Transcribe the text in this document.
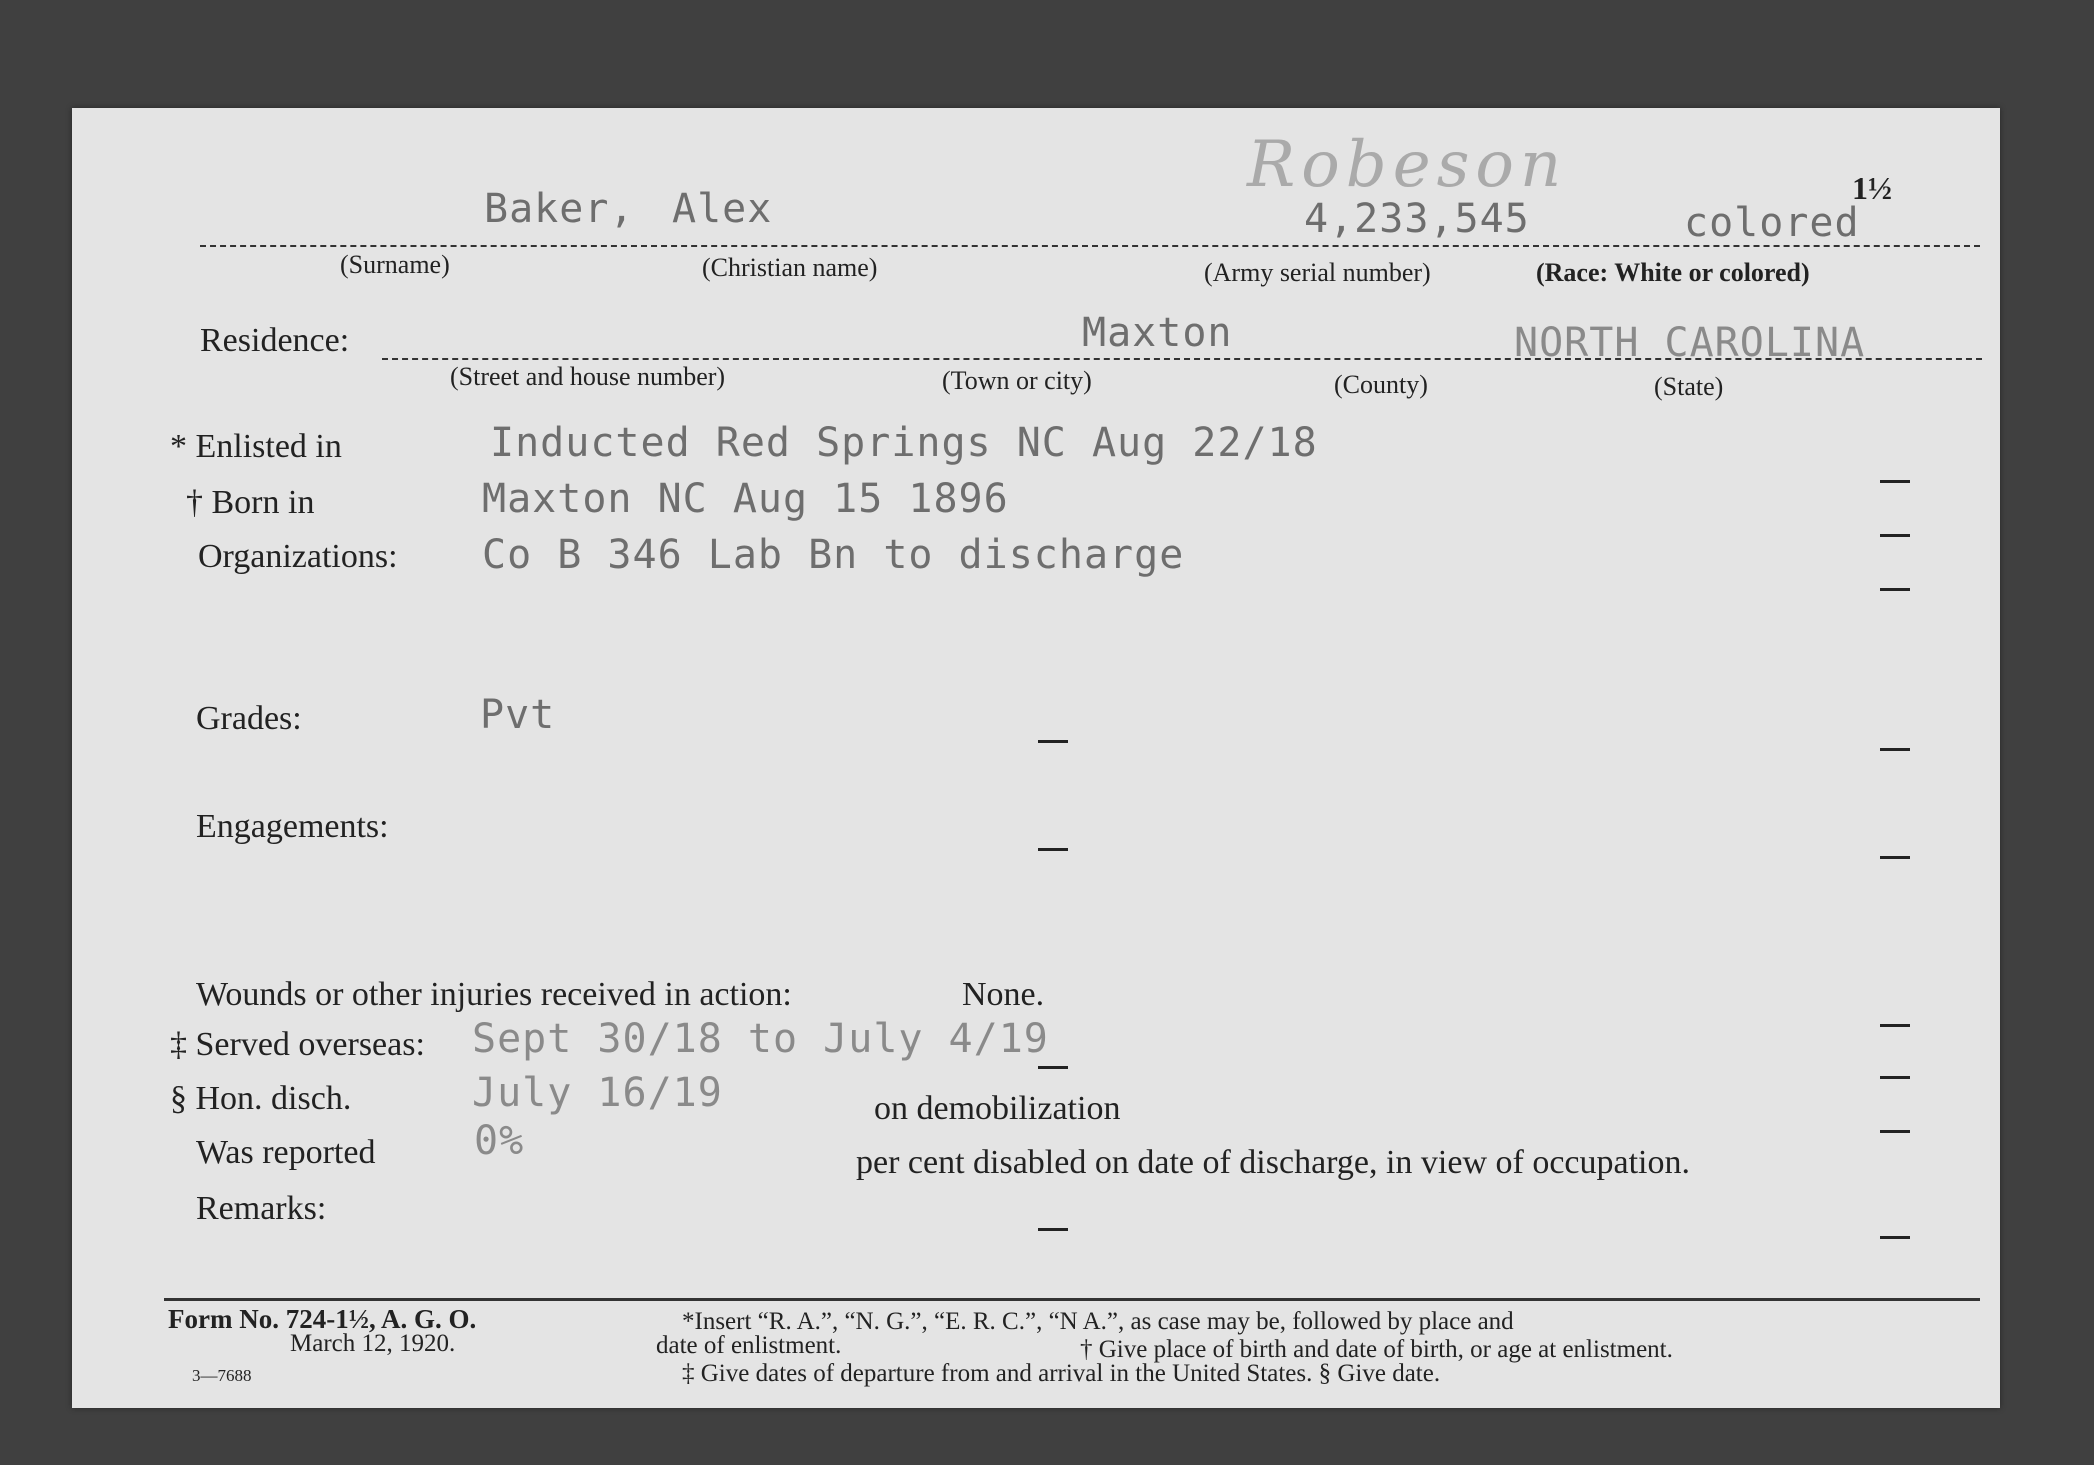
Robeson	1½
Baker, Alex	4,233,545	colored
(Surname)	(Christian name)	(Army serial number)	(Race: White or colored)
Residence:	Maxton	NORTH CAROLINA
(Street and house number)	(Town or city)	(County)	(State)
* Enlisted in	Inducted Red Springs NC Aug 22/18
† Born in	Maxton NC Aug 15 1896
Organizations: Co B 346 Lab Bn to discharge
Grades:	Pvt
Engagements:
Wounds or other injuries received in action:	None.
‡ Served overseas: Sept 30/18 to July 4/19
§ Hon. disch.	July 16/19	on demobilization
Was reported 0%	per cent disabled on date of discharge, in view of occupation.
Remarks:
Form No. 724-1½, A. G. O.
March 12, 1920.
3—7688
*Insert “R. A.”, “N. G.”, “E. R. C.”, “N A.”, as case may be, followed by place and
date of enlistment.	† Give place of birth and date of birth, or age at enlistment.
‡ Give dates of departure from and arrival in the United States. § Give date.
